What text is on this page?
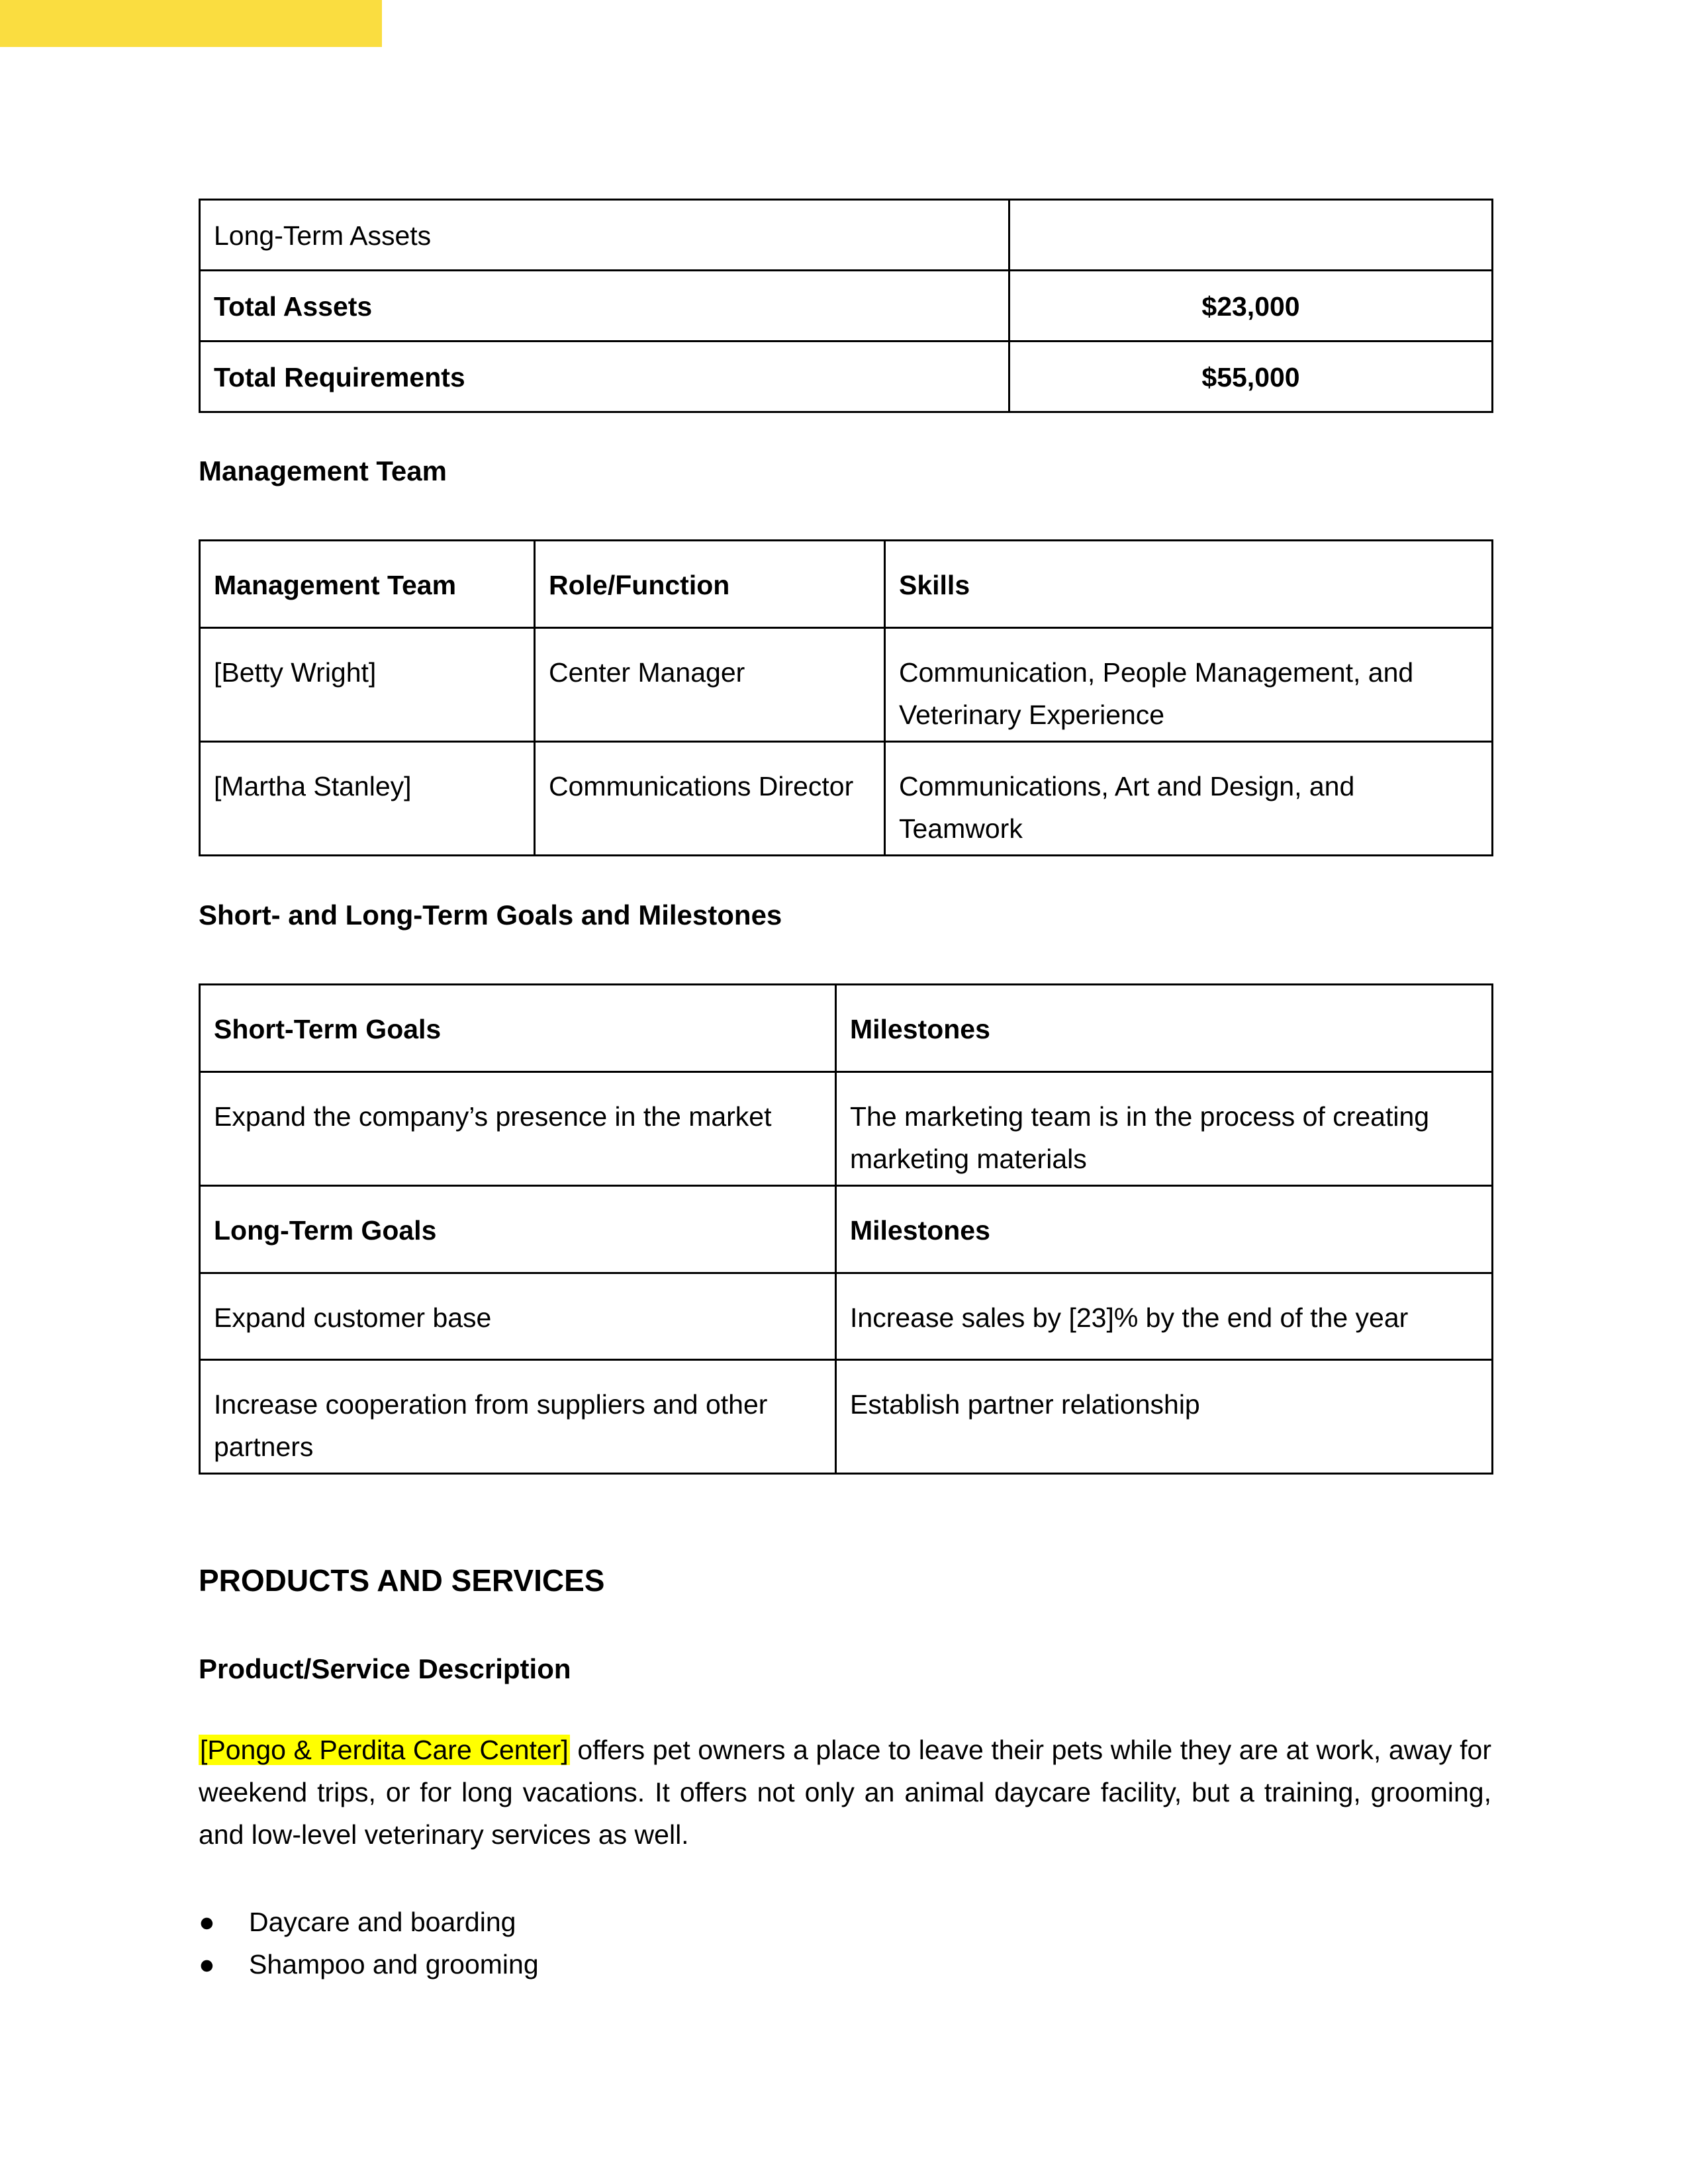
Long-Term Assets	
Total Assets	$23,000
Total Requirements	$55,000
Management Team
Management Team	Role/Function	Skills
[Betty Wright]	Center Manager	Communication, People Management, and Veterinary Experience
[Martha Stanley]	Communications Director	Communications, Art and Design, and Teamwork
Short- and Long-Term Goals and Milestones
Short-Term Goals	Milestones
Expand the company’s presence in the market	The marketing team is in the process of creating marketing materials
Long-Term Goals	Milestones
Expand customer base	Increase sales by [23]% by the end of the year
Increase cooperation from suppliers and other partners	Establish partner relationship
PRODUCTS AND SERVICES
Product/Service Description
[Pongo & Perdita Care Center] offers pet owners a place to leave their pets while they are at work, away for weekend trips, or for long vacations. It offers not only an animal daycare facility, but a training, grooming, and low-level veterinary services as well.
● Daycare and boarding
● Shampoo and grooming
